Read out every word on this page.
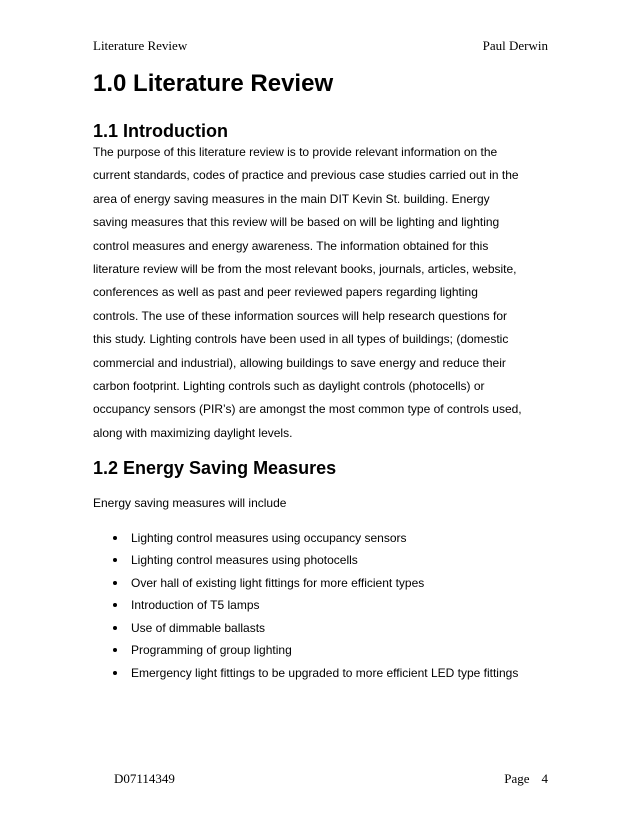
Literature Review	Paul Derwin
1.0 Literature Review
1.1 Introduction
The purpose of this literature review is to provide relevant information on the
current standards, codes of practice and previous case studies carried out in the
area of energy saving measures in the main DIT Kevin St. building. Energy
saving measures that this review will be based on will be lighting and lighting
control measures and energy awareness. The information obtained for this
literature review will be from the most relevant books, journals, articles, website,
conferences as well as past and peer reviewed papers regarding lighting
controls. The use of these information sources will help research questions for
this study. Lighting controls have been used in all types of buildings; (domestic
commercial and industrial), allowing buildings to save energy and reduce their
carbon footprint. Lighting controls such as daylight controls (photocells) or
occupancy sensors (PIR’s) are amongst the most common type of controls used,
along with maximizing daylight levels.
1.2 Energy Saving Measures

Energy saving measures will include

Lighting control measures using occupancy sensors
Lighting control measures using photocells
Over hall of existing light fittings for more efficient types
Introduction of T5 lamps
Use of dimmable ballasts
Programming of group lighting
Emergency light fittings to be upgraded to more efficient LED type fittings
D07114349	Page 4
